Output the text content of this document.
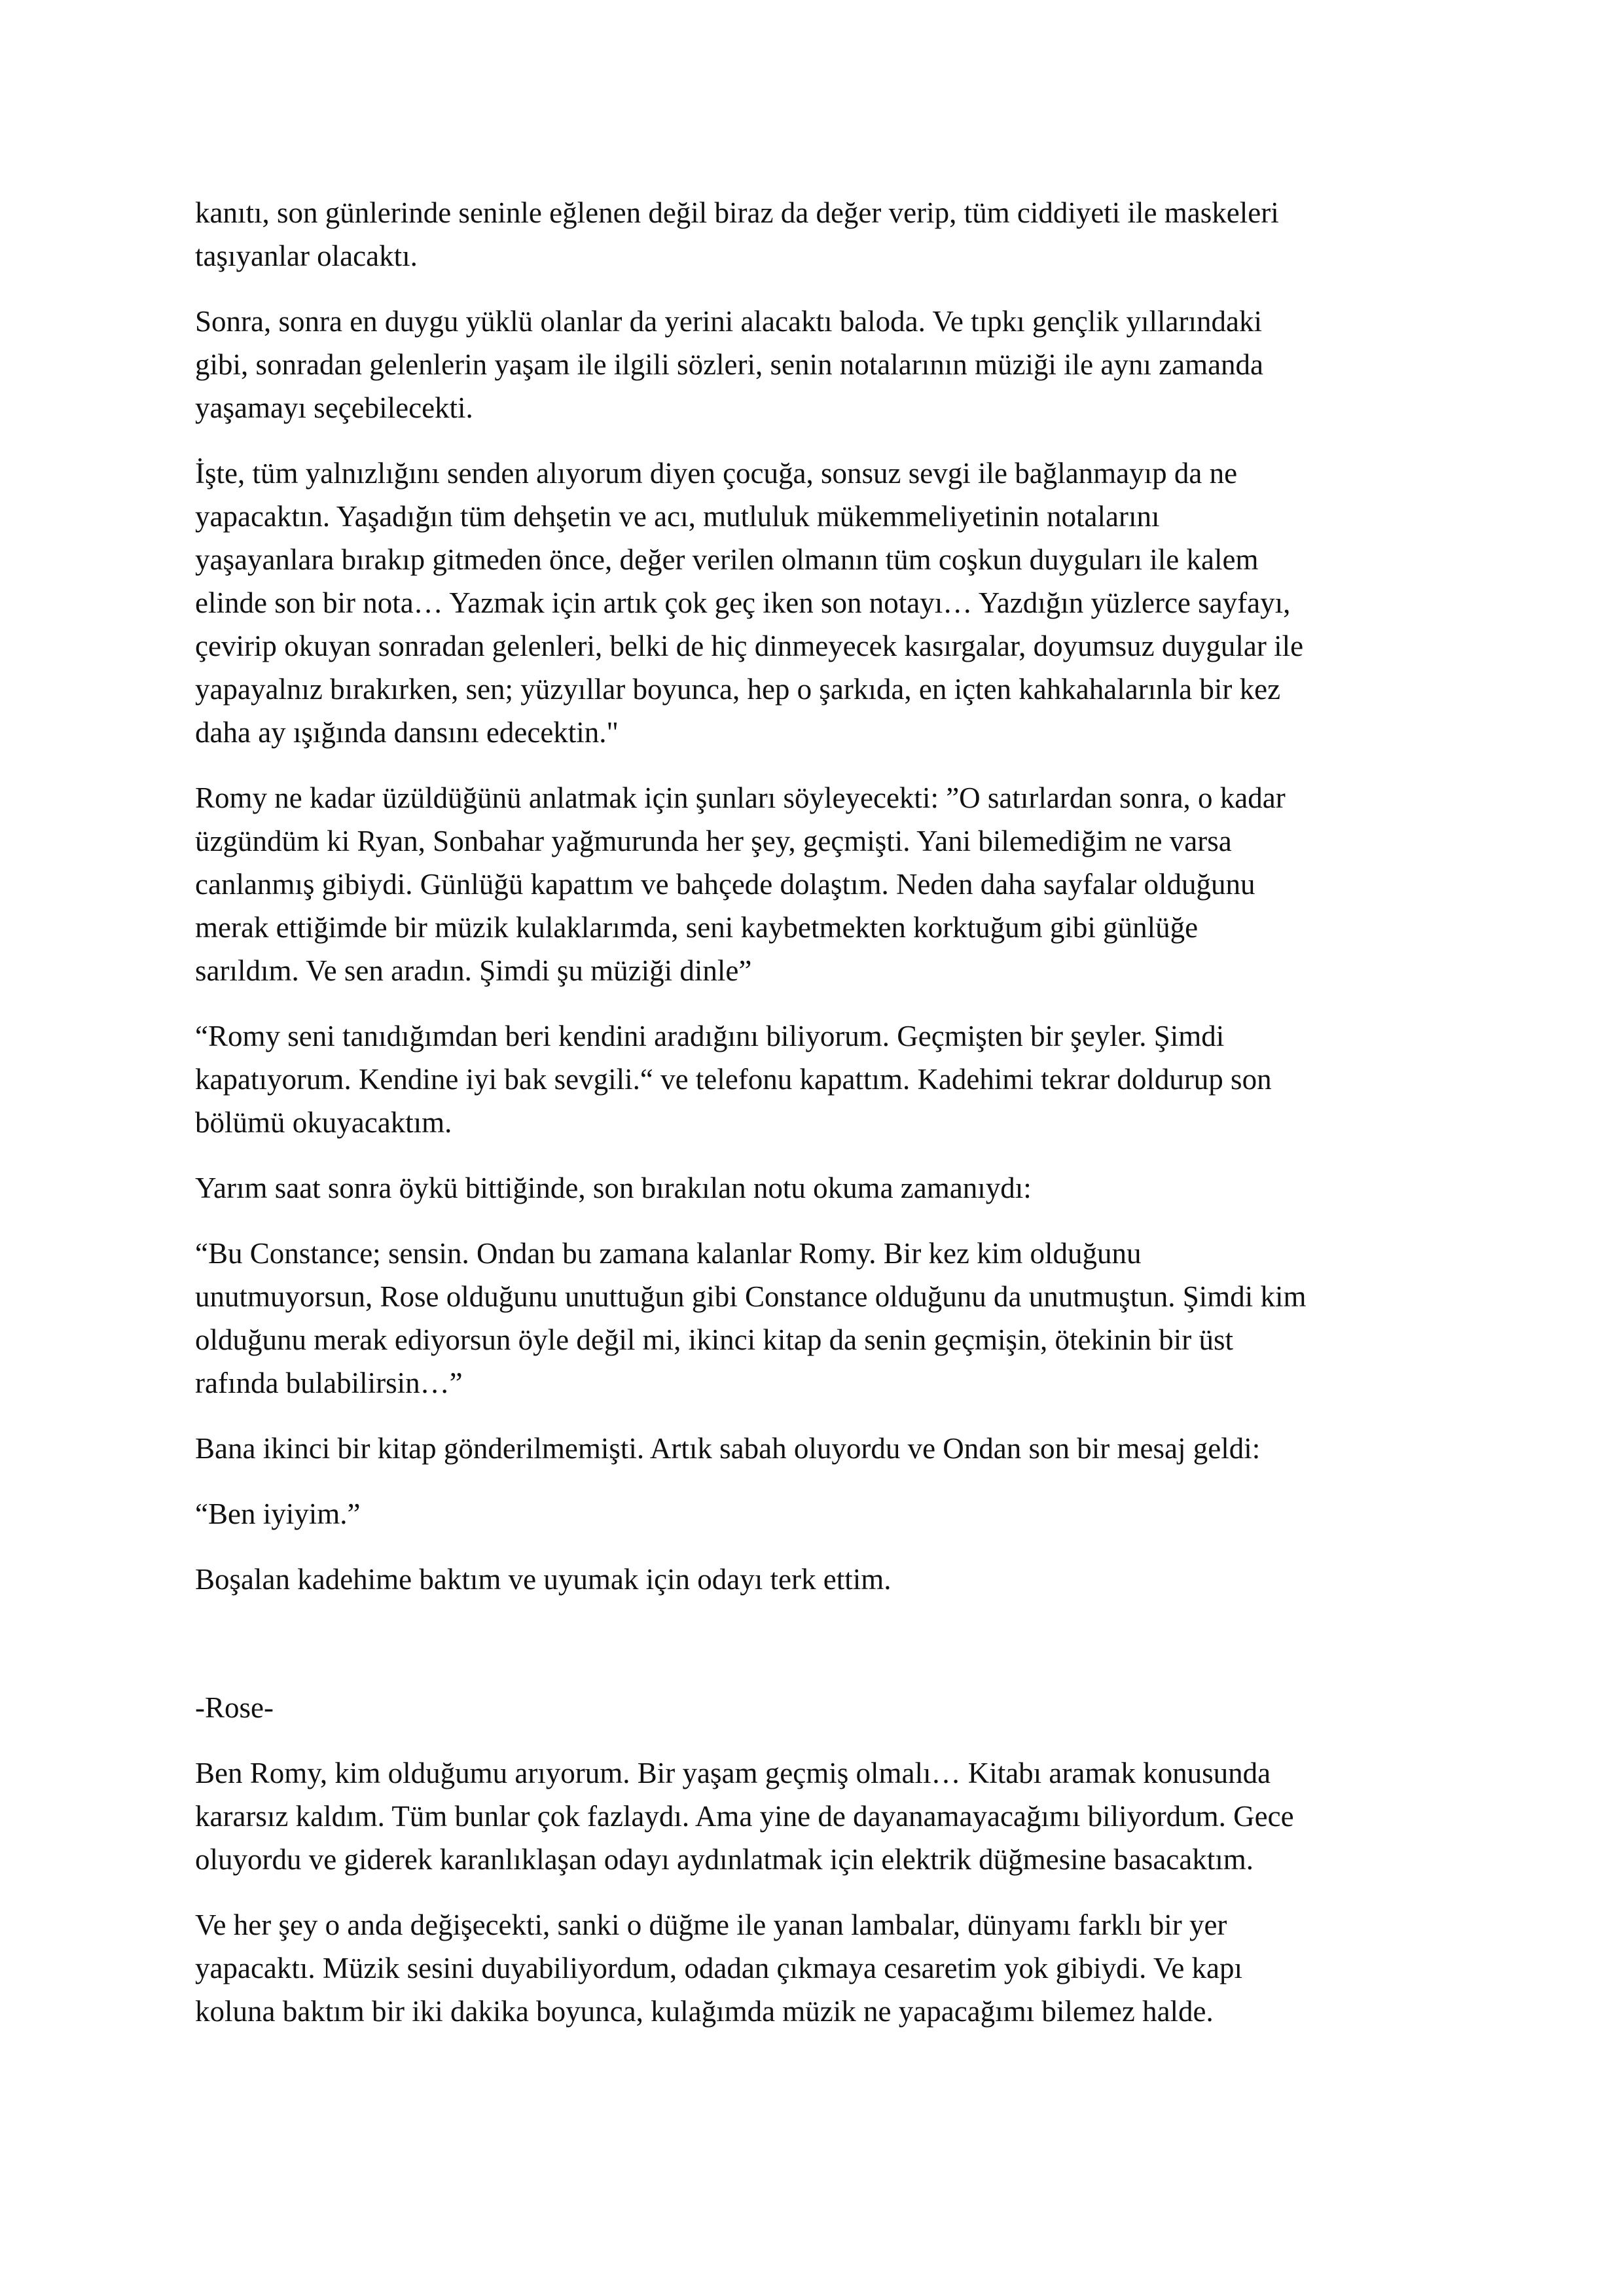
kanıtı, son günlerinde seninle eğlenen değil biraz da değer verip, tüm ciddiyeti ile maskeleri
taşıyanlar olacaktı.

Sonra, sonra en duygu yüklü olanlar da yerini alacaktı baloda. Ve tıpkı gençlik yıllarındaki
gibi, sonradan gelenlerin yaşam ile ilgili sözleri, senin notalarının müziği ile aynı zamanda
yaşamayı seçebilecekti.

İşte, tüm yalnızlığını senden alıyorum diyen çocuğa, sonsuz sevgi ile bağlanmayıp da ne
yapacaktın. Yaşadığın tüm dehşetin ve acı, mutluluk mükemmeliyetinin notalarını
yaşayanlara bırakıp gitmeden önce, değer verilen olmanın tüm coşkun duyguları ile kalem
elinde son bir nota… Yazmak için artık çok geç iken son notayı… Yazdığın yüzlerce sayfayı,
çevirip okuyan sonradan gelenleri, belki de hiç dinmeyecek kasırgalar, doyumsuz duygular ile
yapayalnız bırakırken, sen; yüzyıllar boyunca, hep o şarkıda, en içten kahkahalarınla bir kez
daha ay ışığında dansını edecektin."

Romy ne kadar üzüldüğünü anlatmak için şunları söyleyecekti: ”O satırlardan sonra, o kadar
üzgündüm ki Ryan, Sonbahar yağmurunda her şey, geçmişti. Yani bilemediğim ne varsa
canlanmış gibiydi. Günlüğü kapattım ve bahçede dolaştım. Neden daha sayfalar olduğunu
merak ettiğimde bir müzik kulaklarımda, seni kaybetmekten korktuğum gibi günlüğe
sarıldım. Ve sen aradın. Şimdi şu müziği dinle”

“Romy seni tanıdığımdan beri kendini aradığını biliyorum. Geçmişten bir şeyler. Şimdi
kapatıyorum. Kendine iyi bak sevgili.“ ve telefonu kapattım. Kadehimi tekrar doldurup son
bölümü okuyacaktım.

Yarım saat sonra öykü bittiğinde, son bırakılan notu okuma zamanıydı:

“Bu Constance; sensin. Ondan bu zamana kalanlar Romy. Bir kez kim olduğunu
unutmuyorsun, Rose olduğunu unuttuğun gibi Constance olduğunu da unutmuştun. Şimdi kim
olduğunu merak ediyorsun öyle değil mi, ikinci kitap da senin geçmişin, ötekinin bir üst
rafında bulabilirsin…”

Bana ikinci bir kitap gönderilmemişti. Artık sabah oluyordu ve Ondan son bir mesaj geldi:

“Ben iyiyim.”

Boşalan kadehime baktım ve uyumak için odayı terk ettim.

-Rose-

Ben Romy, kim olduğumu arıyorum. Bir yaşam geçmiş olmalı… Kitabı aramak konusunda
kararsız kaldım. Tüm bunlar çok fazlaydı. Ama yine de dayanamayacağımı biliyordum. Gece
oluyordu ve giderek karanlıklaşan odayı aydınlatmak için elektrik düğmesine basacaktım.

Ve her şey o anda değişecekti, sanki o düğme ile yanan lambalar, dünyamı farklı bir yer
yapacaktı. Müzik sesini duyabiliyordum, odadan çıkmaya cesaretim yok gibiydi. Ve kapı
koluna baktım bir iki dakika boyunca, kulağımda müzik ne yapacağımı bilemez halde.
